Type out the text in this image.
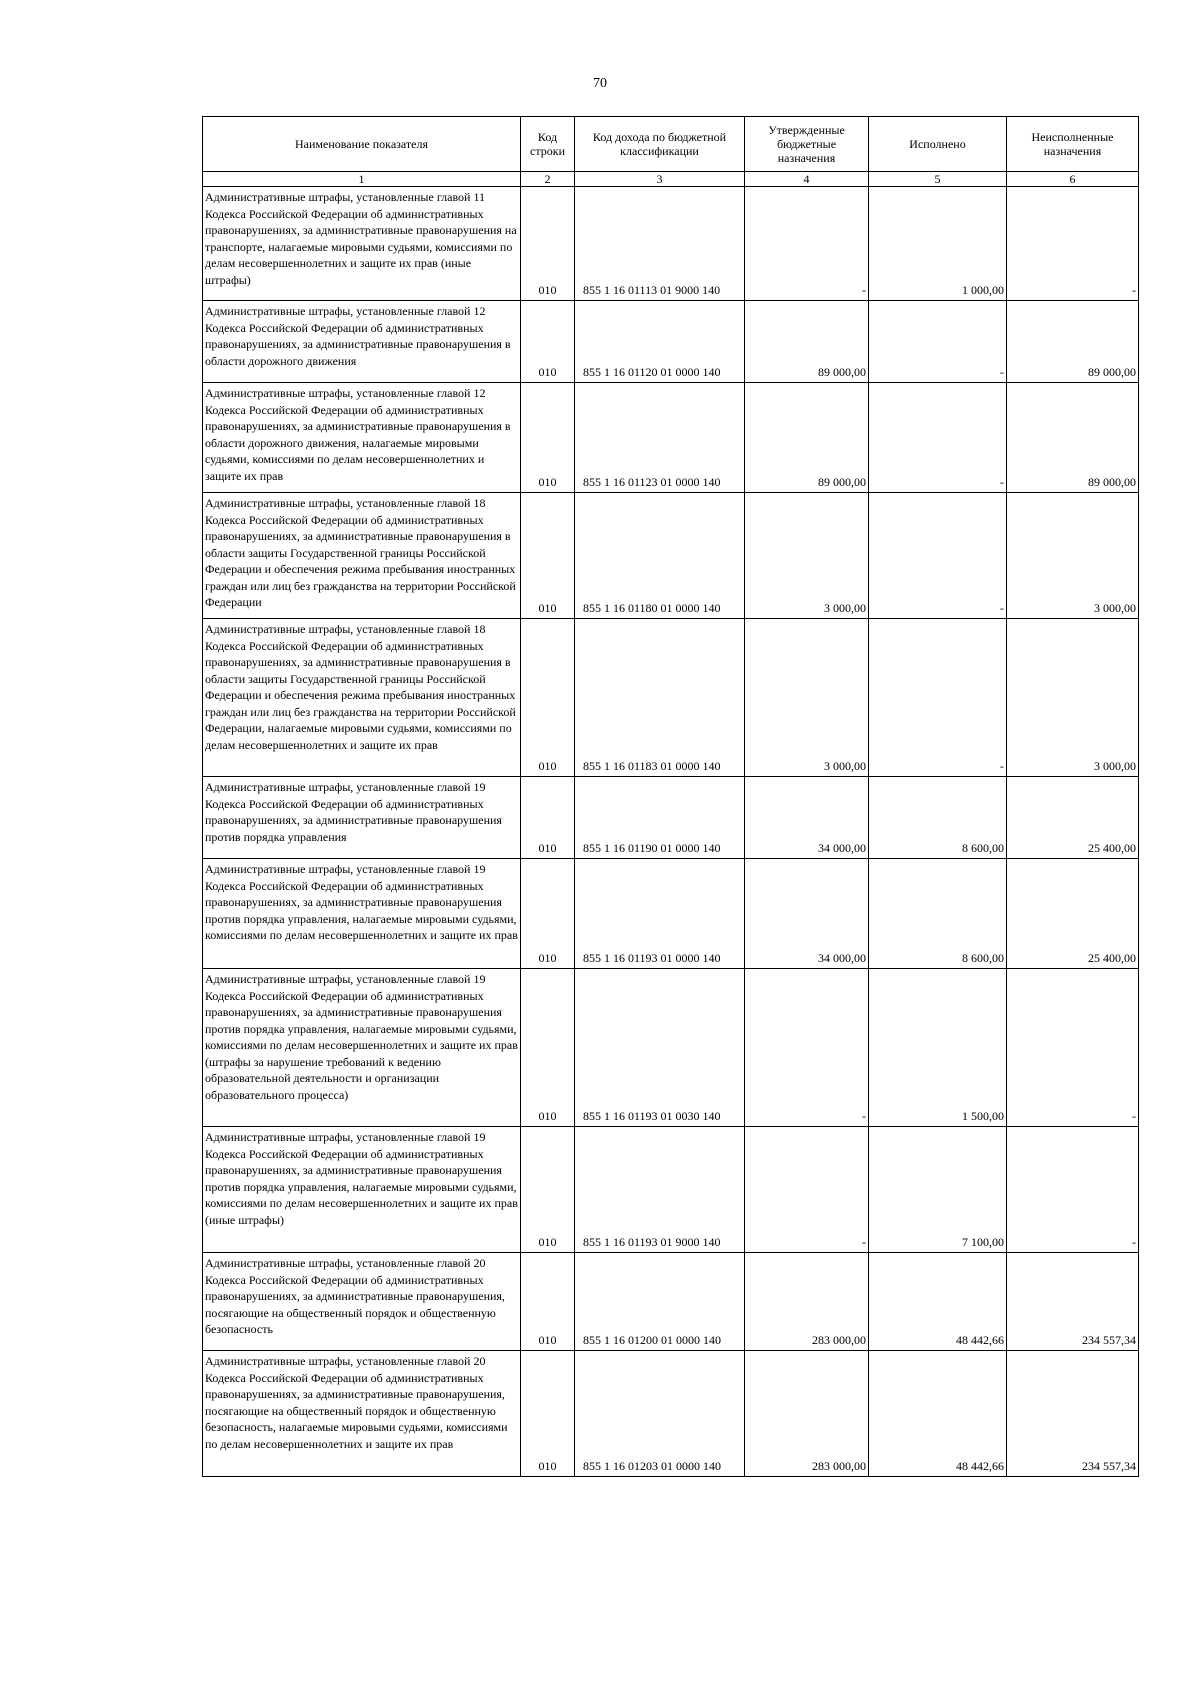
70
Наименование показателя	Код строки	Код дохода по бюджетной классификации	Утвержденные бюджетные назначения	Исполнено	Неисполненные назначения
1	2	3	4	5	6
Административные штрафы, установленные главой 11 Кодекса Российской Федерации об административных правонарушениях, за административные правонарушения на транспорте, налагаемые мировыми судьями, комиссиями по делам несовершеннолетних и защите их прав (иные штрафы)	010	855 1 16 01113 01 9000 140	-	1 000,00	-
Административные штрафы, установленные главой 12 Кодекса Российской Федерации об административных правонарушениях, за административные правонарушения в области дорожного движения	010	855 1 16 01120 01 0000 140	89 000,00	-	89 000,00
Административные штрафы, установленные главой 12 Кодекса Российской Федерации об административных правонарушениях, за административные правонарушения в области дорожного движения, налагаемые мировыми судьями, комиссиями по делам несовершеннолетних и защите их прав	010	855 1 16 01123 01 0000 140	89 000,00	-	89 000,00
Административные штрафы, установленные главой 18 Кодекса Российской Федерации об административных правонарушениях, за административные правонарушения в области защиты Государственной границы Российской Федерации и обеспечения режима пребывания иностранных граждан или лиц без гражданства на территории Российской Федерации	010	855 1 16 01180 01 0000 140	3 000,00	-	3 000,00
Административные штрафы, установленные главой 18 Кодекса Российской Федерации об административных правонарушениях, за административные правонарушения в области защиты Государственной границы Российской Федерации и обеспечения режима пребывания иностранных граждан или лиц без гражданства на территории Российской Федерации, налагаемые мировыми судьями, комиссиями по делам несовершеннолетних и защите их прав	010	855 1 16 01183 01 0000 140	3 000,00	-	3 000,00
Административные штрафы, установленные главой 19 Кодекса Российской Федерации об административных правонарушениях, за административные правонарушения против порядка управления	010	855 1 16 01190 01 0000 140	34 000,00	8 600,00	25 400,00
Административные штрафы, установленные главой 19 Кодекса Российской Федерации об административных правонарушениях, за административные правонарушения против порядка управления, налагаемые мировыми судьями, комиссиями по делам несовершеннолетних и защите их прав	010	855 1 16 01193 01 0000 140	34 000,00	8 600,00	25 400,00
Административные штрафы, установленные главой 19 Кодекса Российской Федерации об административных правонарушениях, за административные правонарушения против порядка управления, налагаемые мировыми судьями, комиссиями по делам несовершеннолетних и защите их прав (штрафы за нарушение требований к ведению образовательной деятельности и организации образовательного процесса)	010	855 1 16 01193 01 0030 140	-	1 500,00	-
Административные штрафы, установленные главой 19 Кодекса Российской Федерации об административных правонарушениях, за административные правонарушения против порядка управления, налагаемые мировыми судьями, комиссиями по делам несовершеннолетних и защите их прав (иные штрафы)	010	855 1 16 01193 01 9000 140	-	7 100,00	-
Административные штрафы, установленные главой 20 Кодекса Российской Федерации об административных правонарушениях, за административные правонарушения, посягающие на общественный порядок и общественную безопасность	010	855 1 16 01200 01 0000 140	283 000,00	48 442,66	234 557,34
Административные штрафы, установленные главой 20 Кодекса Российской Федерации об административных правонарушениях, за административные правонарушения, посягающие на общественный порядок и общественную безопасность, налагаемые мировыми судьями, комиссиями по делам несовершеннолетних и защите их прав	010	855 1 16 01203 01 0000 140	283 000,00	48 442,66	234 557,34
